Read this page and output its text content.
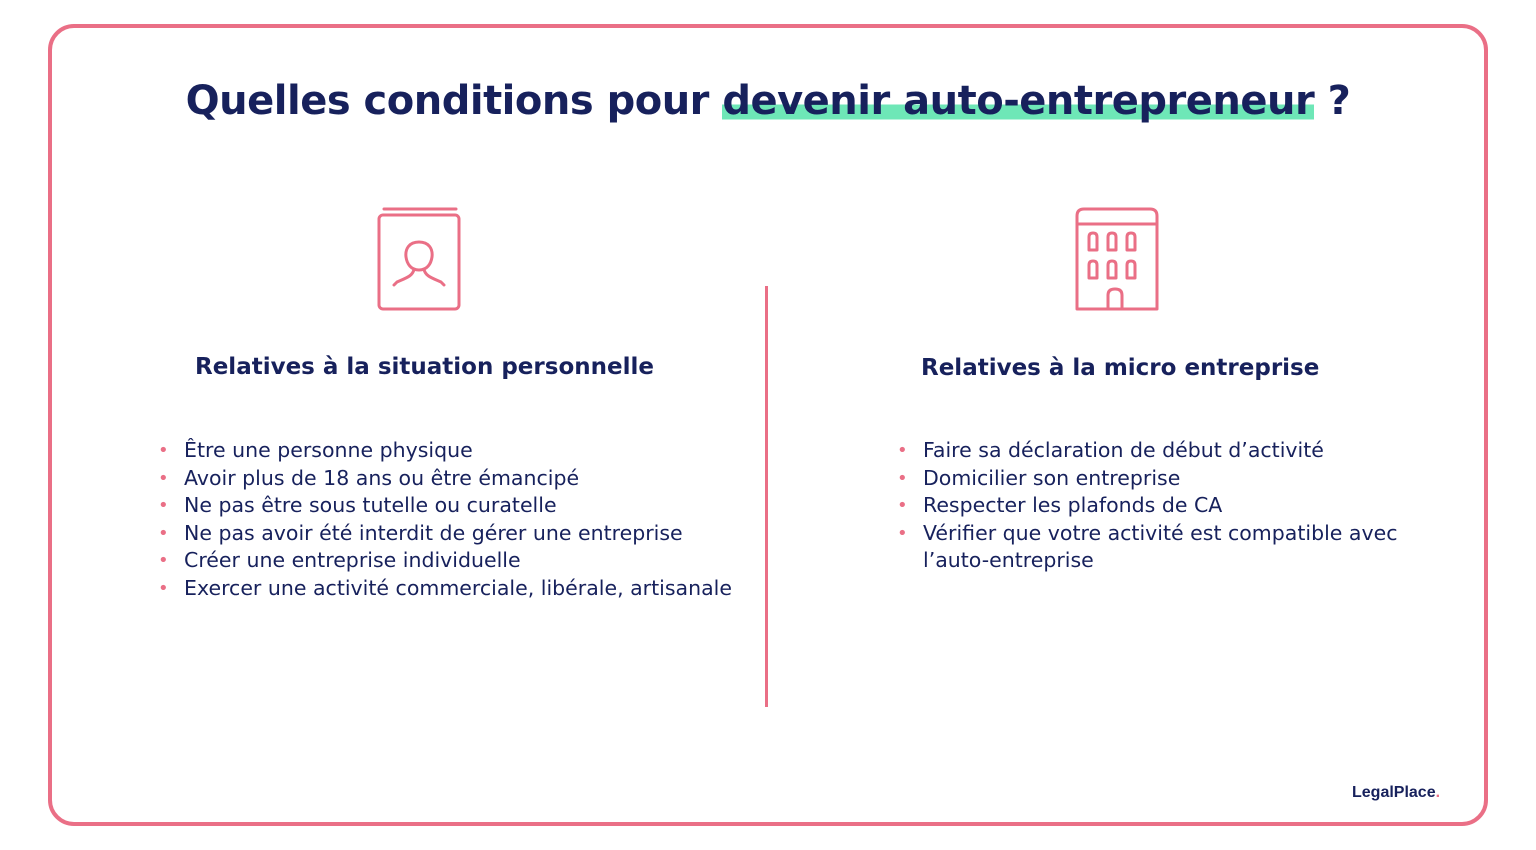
Quelles conditions pour devenir auto-entrepreneur ?
Relatives à la situation personnelle	Relatives à la micro entreprise
• Être une personne physique
• Avoir plus de 18 ans ou être émancipé
• Ne pas être sous tutelle ou curatelle
• Ne pas avoir été interdit de gérer une entreprise
• Créer une entreprise individuelle
• Exercer une activité commerciale, libérale, artisanale
• Faire sa déclaration de début d’activité
• Domicilier son entreprise
• Respecter les plafonds de CA
• Vérifier que votre activité est compatible avec l’auto-entreprise
LegalPlace.
